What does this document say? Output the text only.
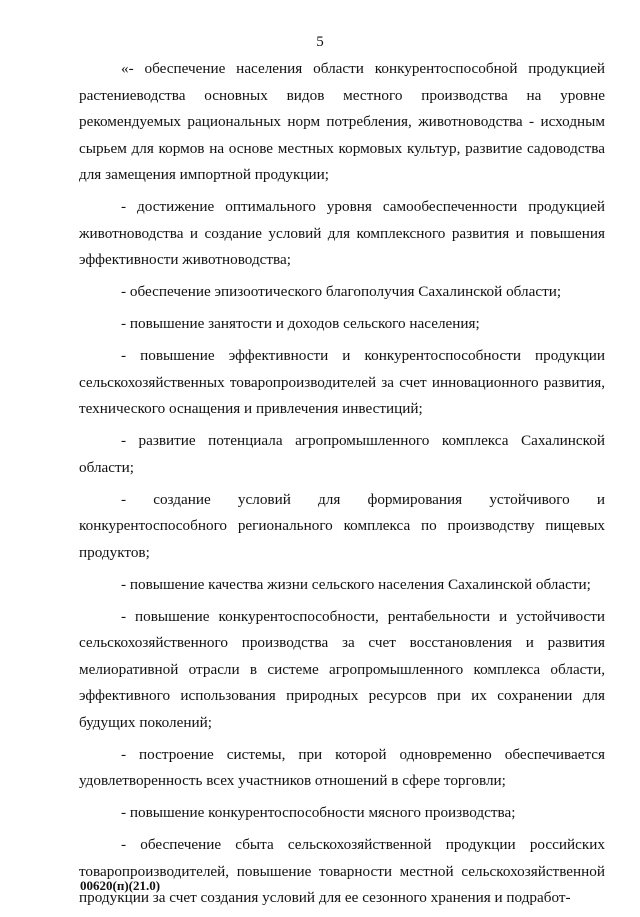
5

«- обеспечение населения области конкурентоспособной продукцией растениеводства основных видов местного производства на уровне рекомендуемых рациональных норм потребления, животноводства - исходным сырьем для кормов на основе местных кормовых культур, развитие садоводства для замещения импортной продукции;

- достижение оптимального уровня самообеспеченности продукцией животноводства и создание условий для комплексного развития и повышения эффективности животноводства;

- обеспечение эпизоотического благополучия Сахалинской области;

- повышение занятости и доходов сельского населения;

- повышение эффективности и конкурентоспособности продукции сельскохозяйственных товаропроизводителей за счет инновационного развития, технического оснащения и привлечения инвестиций;

- развитие потенциала агропромышленного комплекса Сахалинской области;

- создание условий для формирования устойчивого и конкурентоспособного регионального комплекса по производству пищевых продуктов;

- повышение качества жизни сельского населения Сахалинской области;

- повышение конкурентоспособности, рентабельности и устойчивости сельскохозяйственного производства за счет восстановления и развития мелиоративной отрасли в системе агропромышленного комплекса области, эффективного использования природных ресурсов при их сохранении для будущих поколений;

- построение системы, при которой одновременно обеспечивается удовлетворенность всех участников отношений в сфере торговли;

- повышение конкурентоспособности мясного производства;

- обеспечение сбыта сельскохозяйственной продукции российских товаропроизводителей, повышение товарности местной сельскохозяйственной продукции за счет создания условий для ее сезонного хранения и подработ-

00620(п)(21.0)
